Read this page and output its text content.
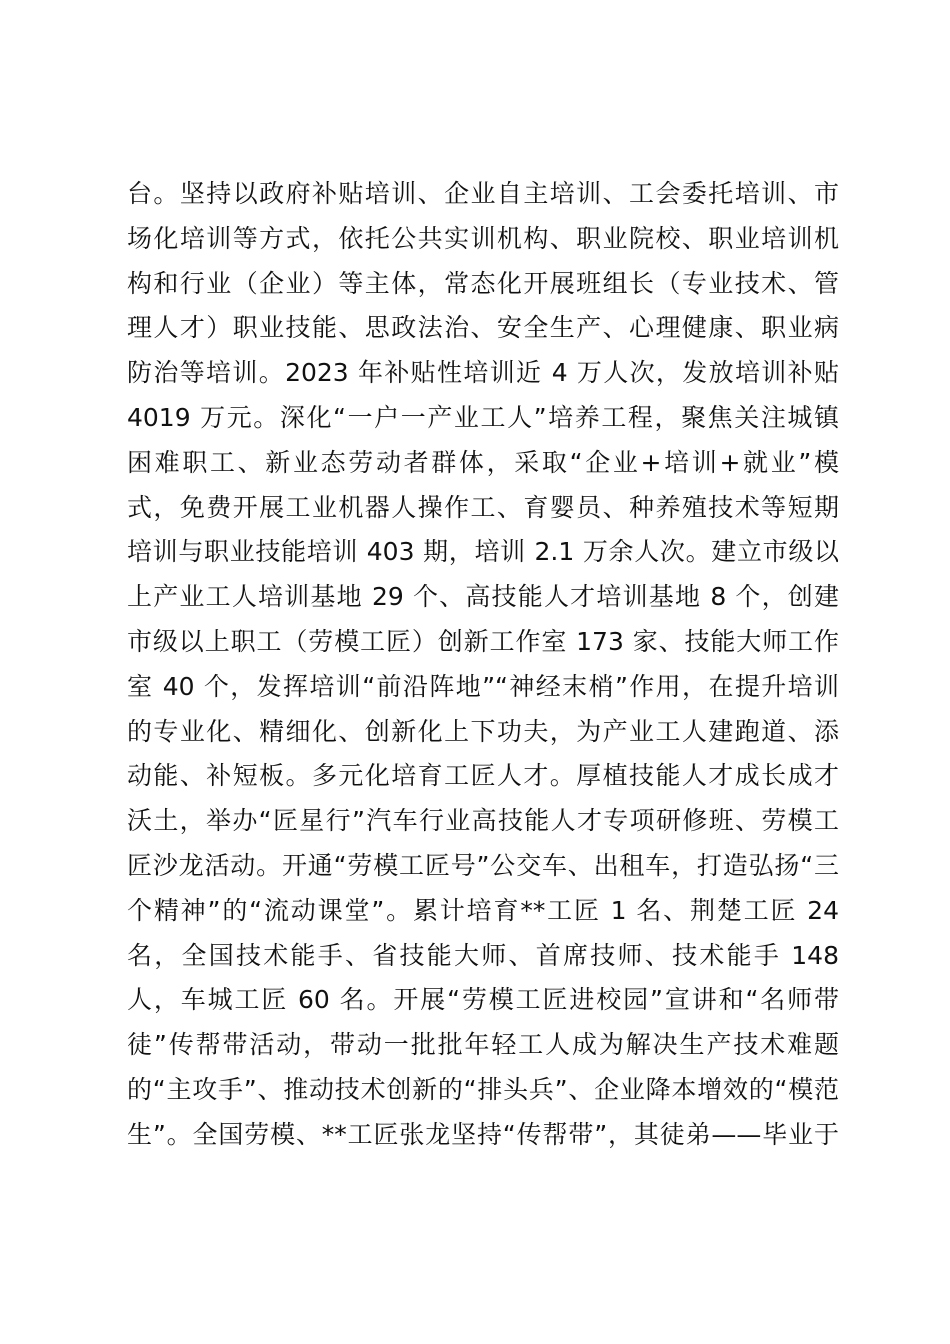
台。坚持以政府补贴培训、企业自主培训、工会委托培训、市
场化培训等方式，依托公共实训机构、职业院校、职业培训机
构和行业（企业）等主体，常态化开展班组长（专业技术、管
理人才）职业技能、思政法治、安全生产、心理健康、职业病
防治等培训。2023 年补贴性培训近 4 万人次，发放培训补贴
4019 万元。深化“一户一产业工人”培养工程，聚焦关注城镇
困难职工、新业态劳动者群体，采取“企业+培训+就业”模
式，免费开展工业机器人操作工、育婴员、种养殖技术等短期
培训与职业技能培训 403 期，培训 2.1 万余人次。建立市级以
上产业工人培训基地 29 个、高技能人才培训基地 8 个，创建
市级以上职工（劳模工匠）创新工作室 173 家、技能大师工作
室 40 个，发挥培训“前沿阵地”“神经末梢”作用，在提升培训
的专业化、精细化、创新化上下功夫，为产业工人建跑道、添
动能、补短板。多元化培育工匠人才。厚植技能人才成长成才
沃土，举办“匠星行”汽车行业高技能人才专项研修班、劳模工
匠沙龙活动。开通“劳模工匠号”公交车、出租车，打造弘扬“三
个精神”的“流动课堂”。累计培育**工匠 1 名、荆楚工匠 24
名，全国技术能手、省技能大师、首席技师、技术能手 148
人，车城工匠 60 名。开展“劳模工匠进校园”宣讲和“名师带
徒”传帮带活动，带动一批批年轻工人成为解决生产技术难题
的“主攻手”、推动技术创新的“排头兵”、企业降本增效的“模范
生”。全国劳模、**工匠张龙坚持“传帮带”，其徒弟——毕业于
